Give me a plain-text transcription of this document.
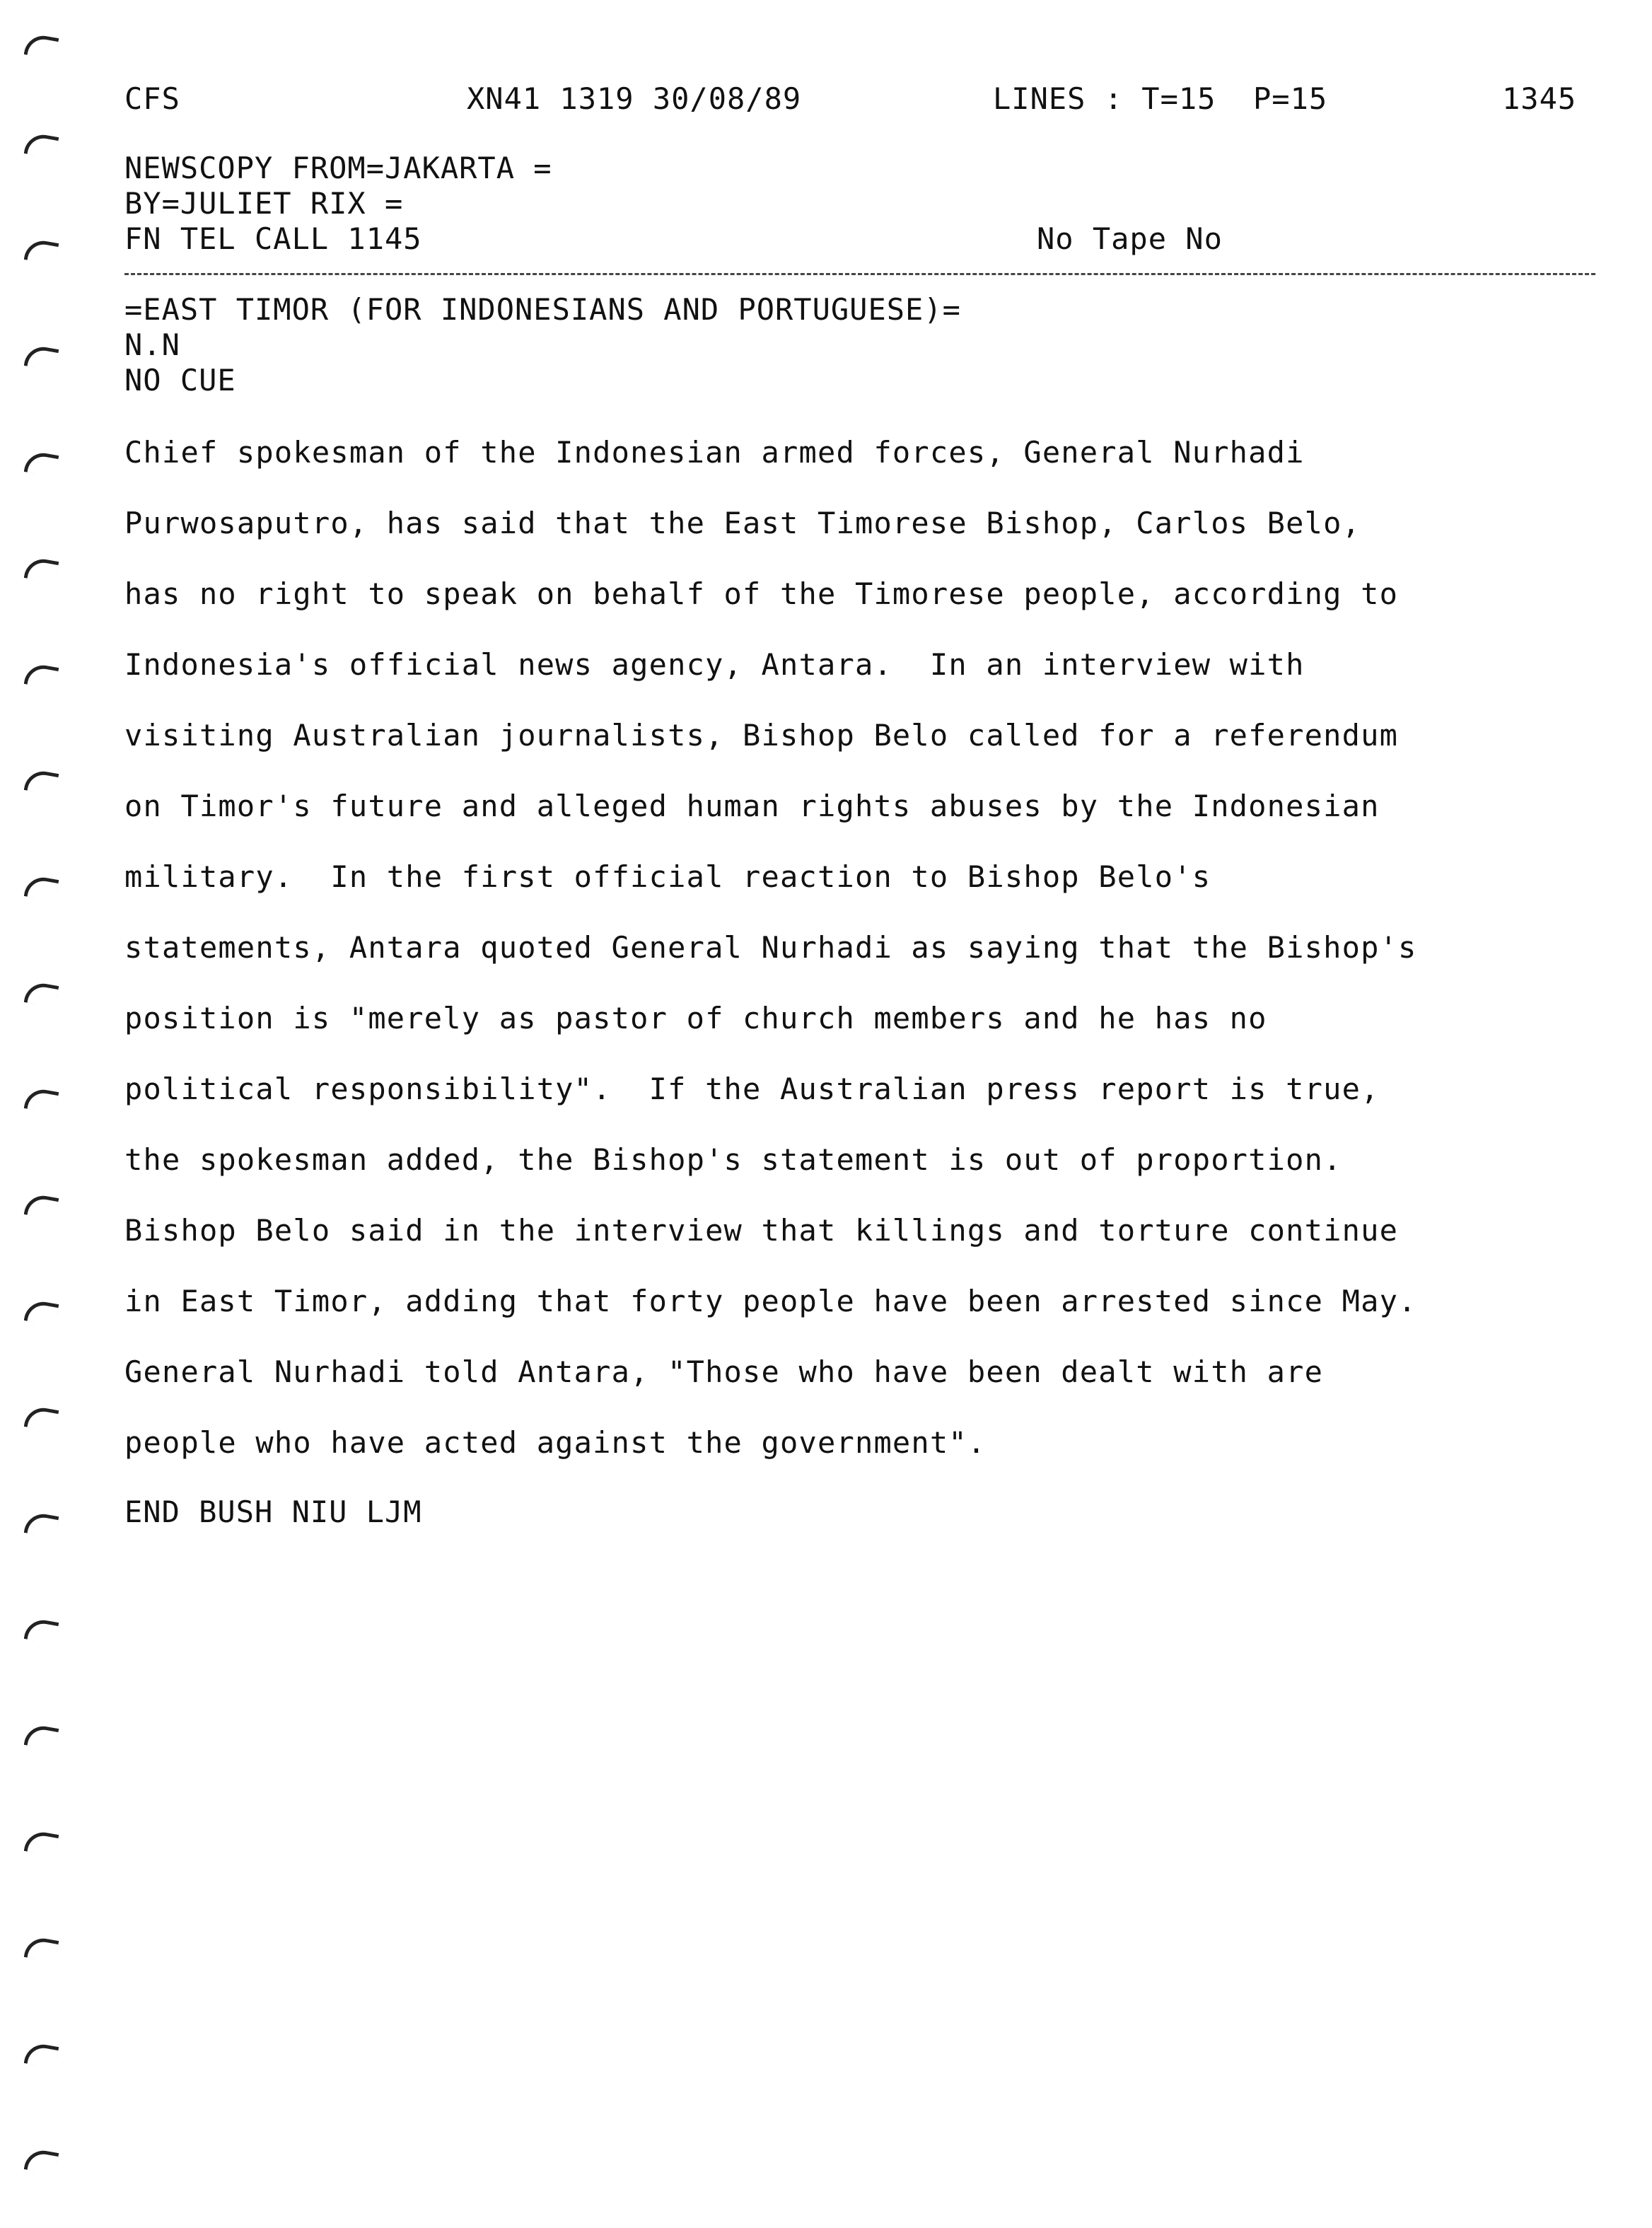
CFS	XN41 1319 30/08/89	LINES : T=15  P=15	1345
NEWSCOPY FROM=JAKARTA =
BY=JULIET RIX =
FN TEL CALL 1145	No Tape No
=EAST TIMOR (FOR INDONESIANS AND PORTUGUESE)=
N.N
NO CUE
Chief spokesman of the Indonesian armed forces, General Nurhadi
Purwosaputro, has said that the East Timorese Bishop, Carlos Belo,
has no right to speak on behalf of the Timorese people, according to
Indonesia's official news agency, Antara.  In an interview with
visiting Australian journalists, Bishop Belo called for a referendum
on Timor's future and alleged human rights abuses by the Indonesian
military.  In the first official reaction to Bishop Belo's
statements, Antara quoted General Nurhadi as saying that the Bishop's
position is "merely as pastor of church members and he has no
political responsibility".  If the Australian press report is true,
the spokesman added, the Bishop's statement is out of proportion.
Bishop Belo said in the interview that killings and torture continue
in East Timor, adding that forty people have been arrested since May.
General Nurhadi told Antara, "Those who have been dealt with are
people who have acted against the government".
END BUSH NIU LJM
